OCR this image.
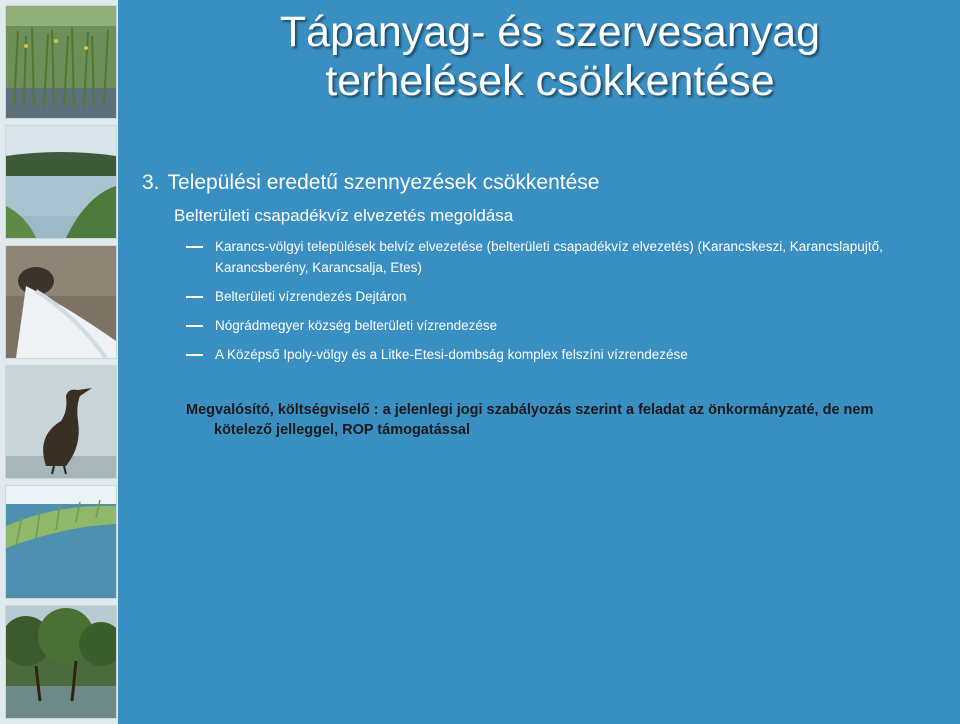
Tápanyag- és szervesanyag
terhelések csökkentése
3. Települési eredetű szennyezések csökkentése
Belterületi csapadékvíz elvezetés megoldása
Karancs-völgyi települések belvíz elvezetése (belterületi csapadékvíz elvezetés) (Karancskeszi, Karancslapujtő, Karancsberény, Karancsalja, Etes)
Belterületi vízrendezés Dejtáron
Nógrádmegyer község belterületi vízrendezése
A Középső Ipoly-völgy és a Litke-Etesi-dombság komplex felszíni vízrendezése
Megvalósító, költségviselő : a jelenlegi jogi szabályozás szerint a feladat az önkormányzaté, de nem
kötelező jelleggel, ROP támogatással
